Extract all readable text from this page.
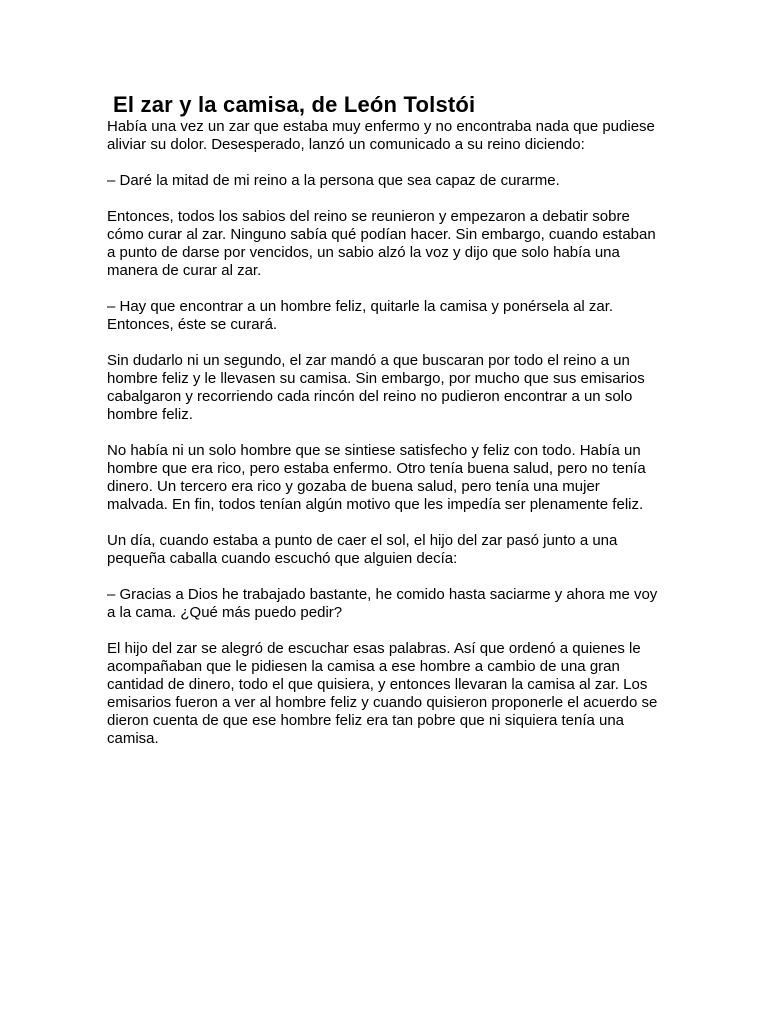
El zar y la camisa, de León Tolstói

Había una vez un zar que estaba muy enfermo y no encontraba nada que pudiese
aliviar su dolor. Desesperado, lanzó un comunicado a su reino diciendo:

– Daré la mitad de mi reino a la persona que sea capaz de curarme.

Entonces, todos los sabios del reino se reunieron y empezaron a debatir sobre
cómo curar al zar. Ninguno sabía qué podían hacer. Sin embargo, cuando estaban
a punto de darse por vencidos, un sabio alzó la voz y dijo que solo había una
manera de curar al zar.

– Hay que encontrar a un hombre feliz, quitarle la camisa y ponérsela al zar.
Entonces, éste se curará.

Sin dudarlo ni un segundo, el zar mandó a que buscaran por todo el reino a un
hombre feliz y le llevasen su camisa. Sin embargo, por mucho que sus emisarios
cabalgaron y recorriendo cada rincón del reino no pudieron encontrar a un solo
hombre feliz.

No había ni un solo hombre que se sintiese satisfecho y feliz con todo. Había un
hombre que era rico, pero estaba enfermo. Otro tenía buena salud, pero no tenía
dinero. Un tercero era rico y gozaba de buena salud, pero tenía una mujer
malvada. En fin, todos tenían algún motivo que les impedía ser plenamente feliz.

Un día, cuando estaba a punto de caer el sol, el hijo del zar pasó junto a una
pequeña caballa cuando escuchó que alguien decía:

– Gracias a Dios he trabajado bastante, he comido hasta saciarme y ahora me voy
a la cama. ¿Qué más puedo pedir?

El hijo del zar se alegró de escuchar esas palabras. Así que ordenó a quienes le
acompañaban que le pidiesen la camisa a ese hombre a cambio de una gran
cantidad de dinero, todo el que quisiera, y entonces llevaran la camisa al zar. Los
emisarios fueron a ver al hombre feliz y cuando quisieron proponerle el acuerdo se
dieron cuenta de que ese hombre feliz era tan pobre que ni siquiera tenía una
camisa.
